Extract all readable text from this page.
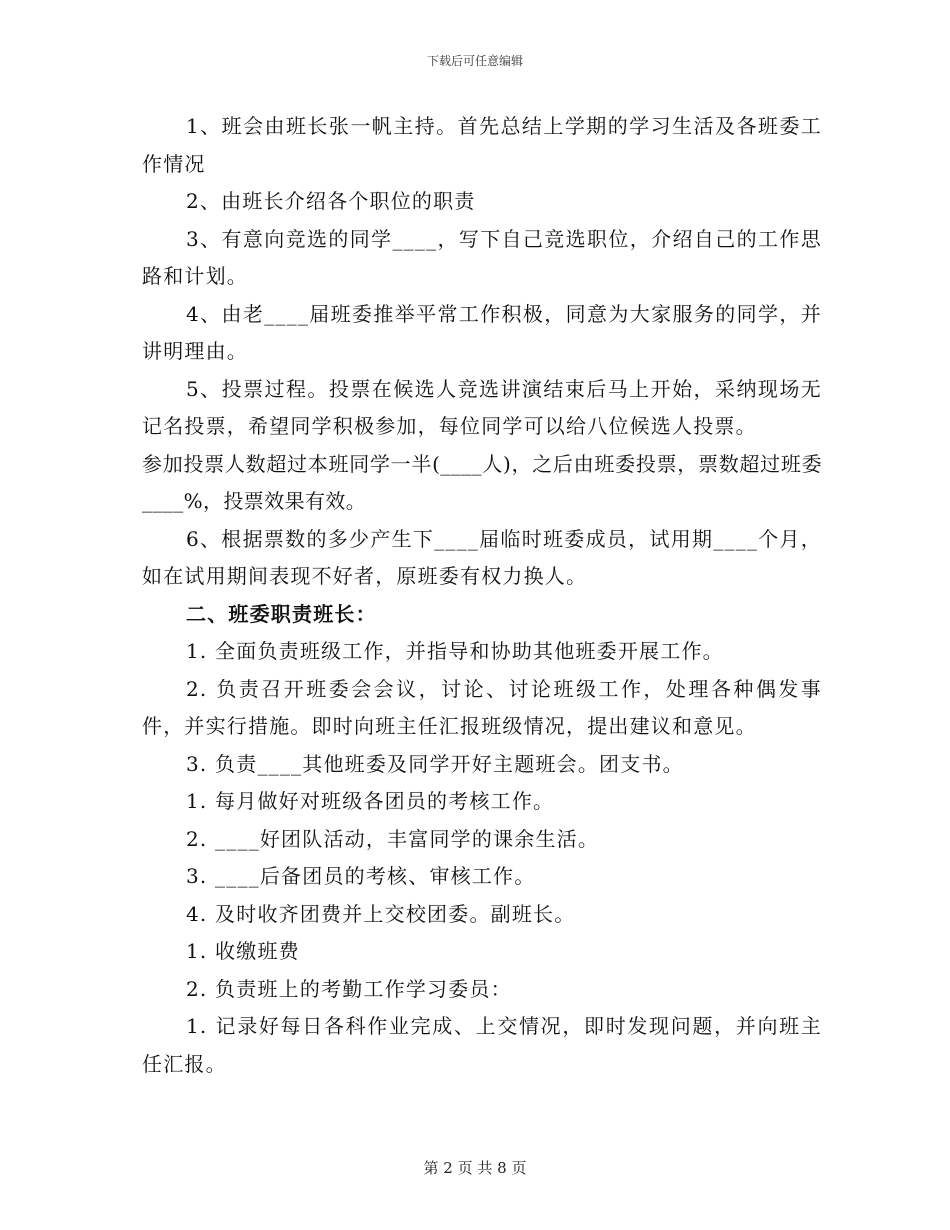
下载后可任意编辑

1、班会由班长张一帆主持。首先总结上学期的学习生活及各班委工作情况

2、由班长介绍各个职位的职责

3、有意向竞选的同学____，写下自己竞选职位，介绍自己的工作思路和计划。

4、由老____届班委推举平常工作积极，同意为大家服务的同学，并讲明理由。

5、投票过程。投票在候选人竞选讲演结束后马上开始，采纳现场无记名投票，希望同学积极参加，每位同学可以给八位候选人投票。

参加投票人数超过本班同学一半(____人)，之后由班委投票，票数超过班委____%，投票效果有效。

6、根据票数的多少产生下____届临时班委成员，试用期____个月，如在试用期间表现不好者，原班委有权力换人。

二、班委职责班长：

1. 全面负责班级工作，并指导和协助其他班委开展工作。

2. 负责召开班委会会议，讨论、讨论班级工作，处理各种偶发事件，并实行措施。即时向班主任汇报班级情况，提出建议和意见。

3. 负责____其他班委及同学开好主题班会。团支书。

1. 每月做好对班级各团员的考核工作。

2. ____好团队活动，丰富同学的课余生活。

3. ____后备团员的考核、审核工作。

4. 及时收齐团费并上交校团委。副班长。

1. 收缴班费

2. 负责班上的考勤工作学习委员：

1. 记录好每日各科作业完成、上交情况，即时发现问题，并向班主任汇报。

第 2 页 共 8 页
